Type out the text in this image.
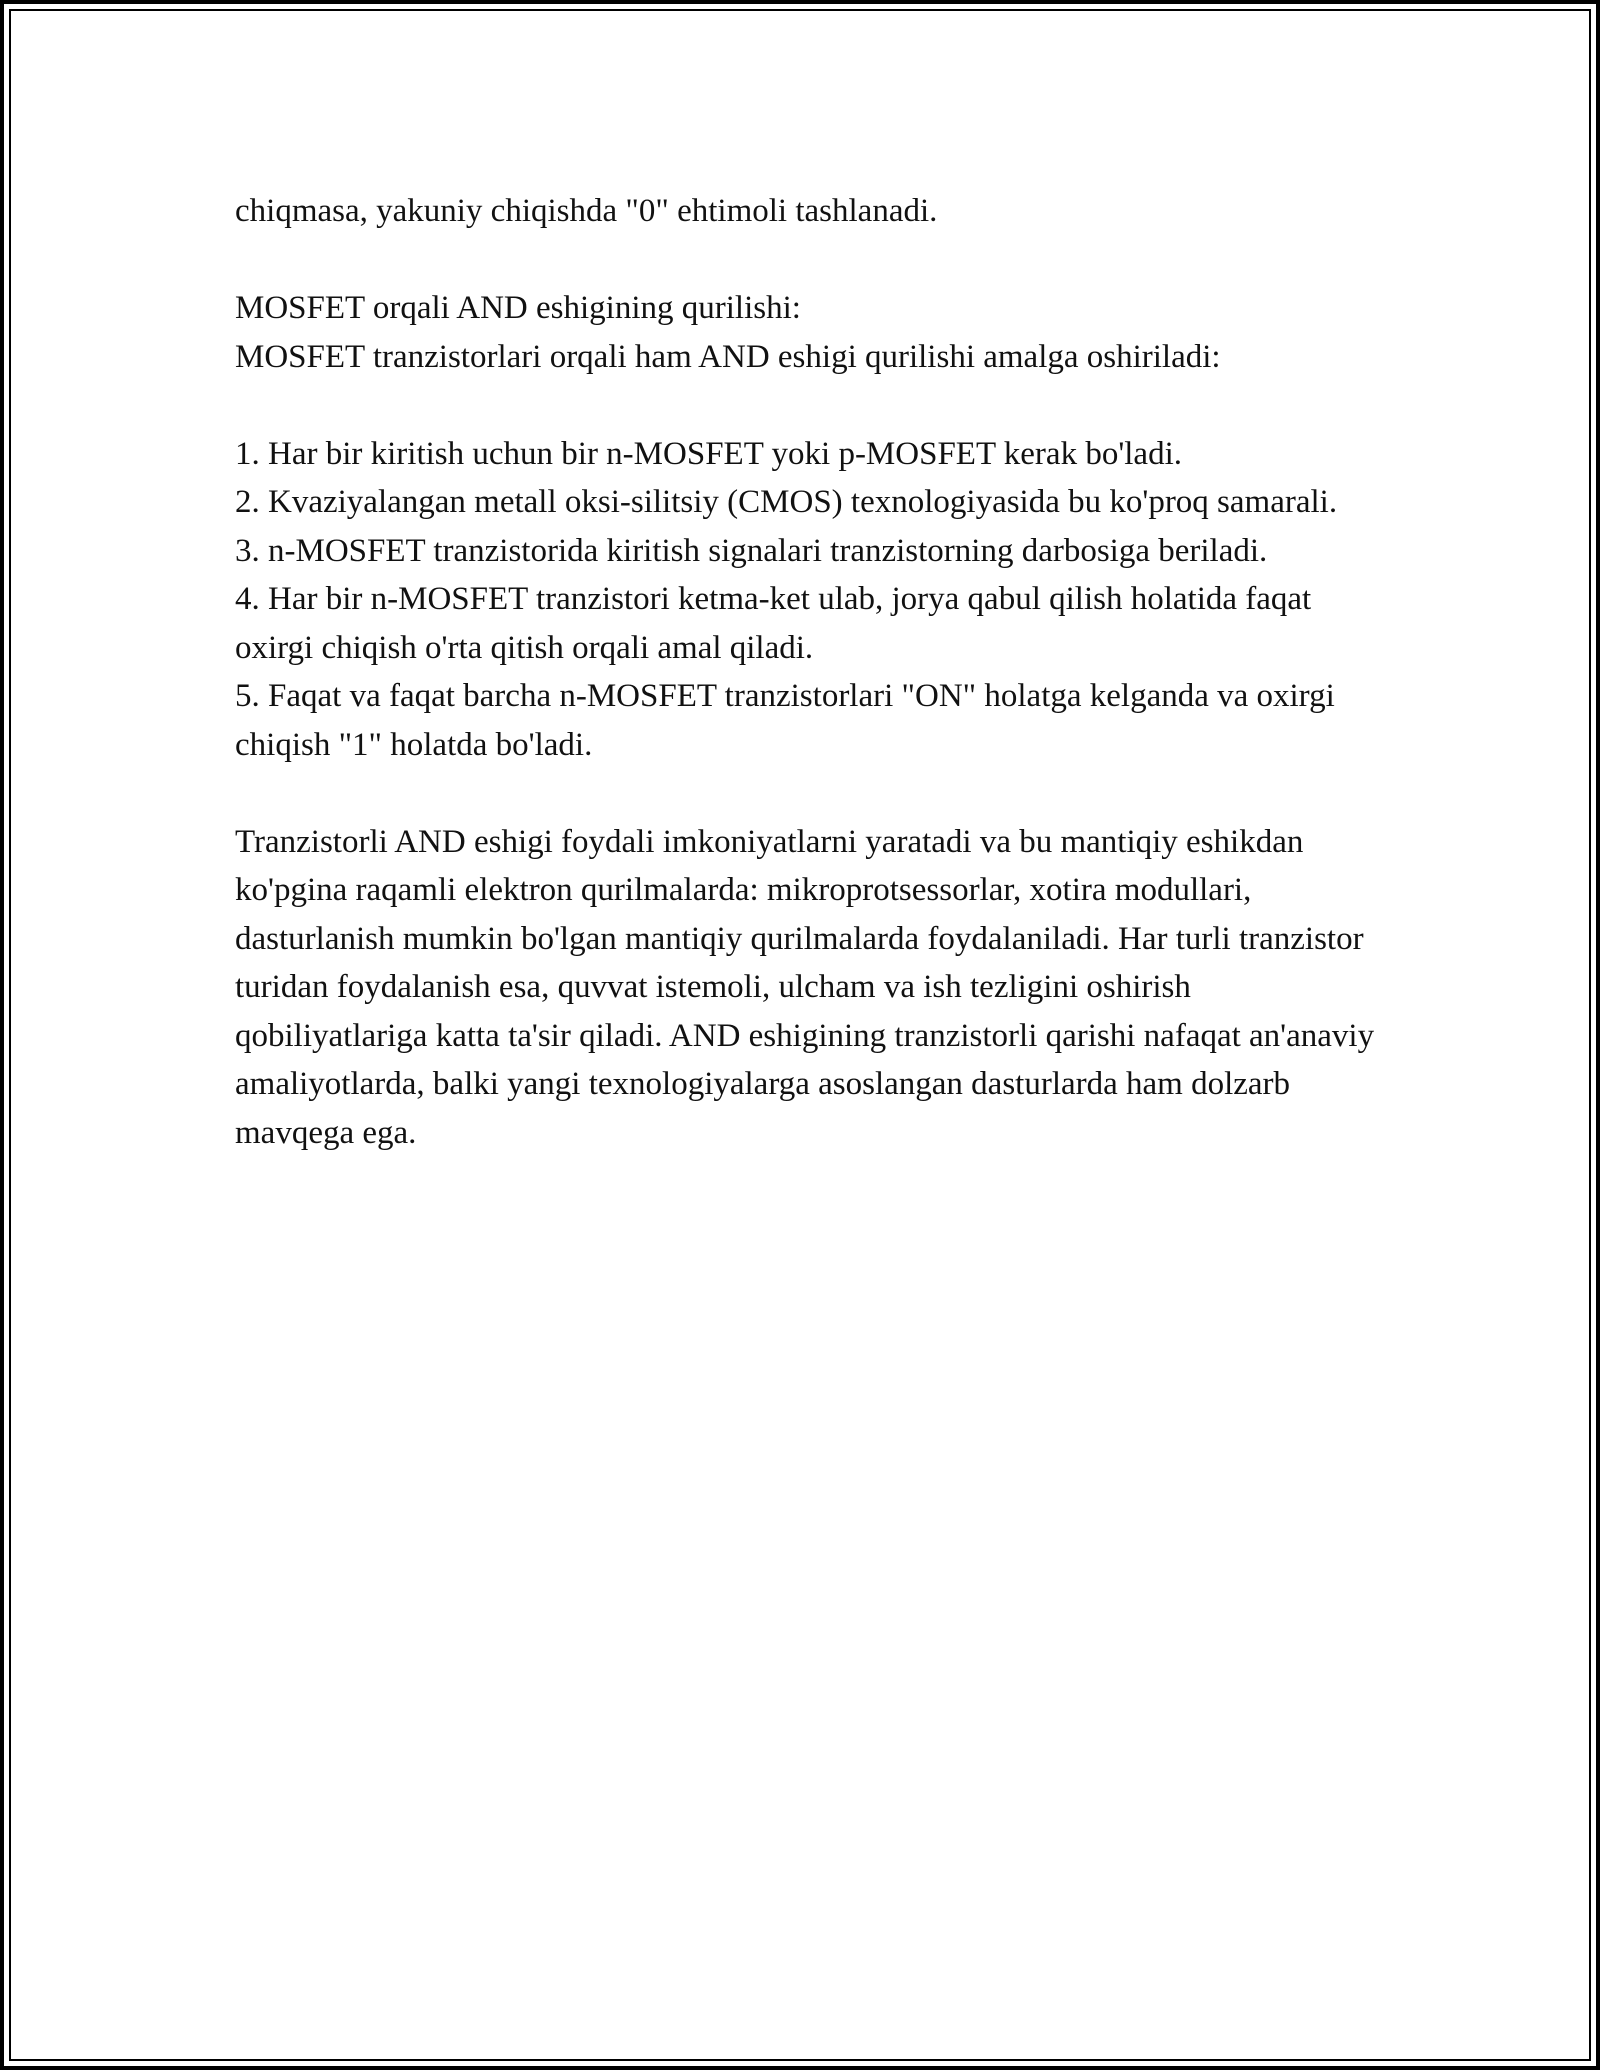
chiqmasa, yakuniy chiqishda "0" ehtimoli tashlanadi.

MOSFET orqali AND eshigining qurilishi:

MOSFET tranzistorlari orqali ham AND eshigi qurilishi amalga oshiriladi:

1. Har bir kiritish uchun bir n-MOSFET yoki p-MOSFET kerak bo'ladi.

2. Kvaziyalangan metall oksi-silitsiy (CMOS) texnologiyasida bu ko'proq samarali.

3. n-MOSFET tranzistorida kiritish signalari tranzistorning darbosiga beriladi.

4. Har bir n-MOSFET tranzistori ketma-ket ulab, jorya qabul qilish holatida faqat oxirgi chiqish o'rta qitish orqali amal qiladi.

5. Faqat va faqat barcha n-MOSFET tranzistorlari "ON" holatga kelganda va oxirgi chiqish "1" holatda bo'ladi.

Tranzistorli AND eshigi foydali imkoniyatlarni yaratadi va bu mantiqiy eshikdan ko'pgina raqamli elektron qurilmalarda: mikroprotsessorlar, xotira modullari, dasturlanish mumkin bo'lgan mantiqiy qurilmalarda foydalaniladi. Har turli tranzistor turidan foydalanish esa, quvvat istemoli, ulcham va ish tezligini oshirish qobiliyatlariga katta ta'sir qiladi. AND eshigining tranzistorli qarishi nafaqat an'anaviy amaliyotlarda, balki yangi texnologiyalarga asoslangan dasturlarda ham dolzarb mavqega ega.
